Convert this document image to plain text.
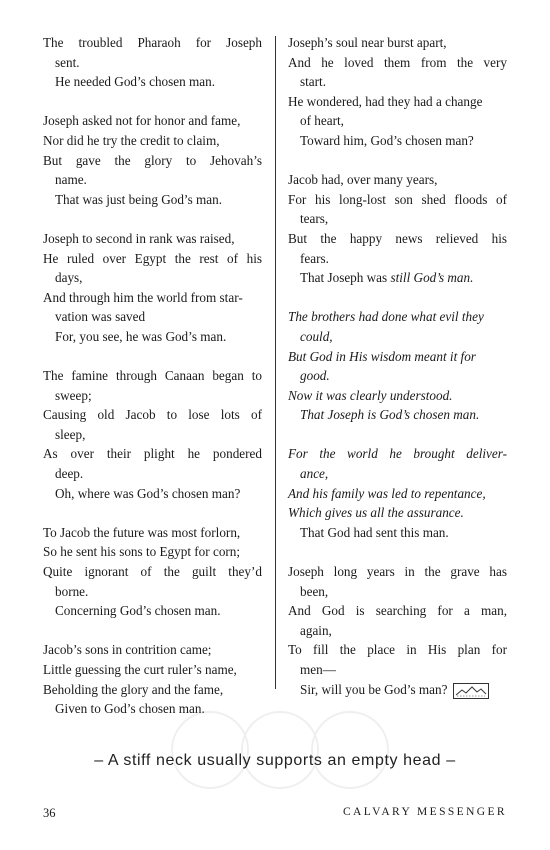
The troubled Pharaoh for Joseph
sent.
He needed God’s chosen man.
Joseph asked not for honor and fame,
Nor did he try the credit to claim,
But gave the glory to Jehovah’s
name.
That was just being God’s man.
Joseph to second in rank was raised,
He ruled over Egypt the rest of his
days,
And through him the world from star-
vation was saved
For, you see, he was God’s man.
The famine through Canaan began to
sweep;
Causing old Jacob to lose lots of
sleep,
As over their plight he pondered
deep.
Oh, where was God’s chosen man?
To Jacob the future was most forlorn,
So he sent his sons to Egypt for corn;
Quite ignorant of the guilt they’d
borne.
Concerning God’s chosen man.
Jacob’s sons in contrition came;
Little guessing the curt ruler’s name,
Beholding the glory and the fame,
Given to God’s chosen man.
Joseph’s soul near burst apart,
And he loved them from the very
start.
He wondered, had they had a change
of heart,
Toward him, God’s chosen man?
Jacob had, over many years,
For his long-lost son shed floods of
tears,
But the happy news relieved his
fears.
That Joseph was still God’s man.
The brothers had done what evil they
could,
But God in His wisdom meant it for
good.
Now it was clearly understood.
That Joseph is God’s chosen man.
For the world he brought deliver-
ance,
And his family was led to repentance,
Which gives us all the assurance.
That God had sent this man.
Joseph long years in the grave has
been,
And God is searching for a man,
again,
To fill the place in His plan for
men—
Sir, will you be God’s man?
– A stiff neck usually supports an empty head –
36	CALVARY MESSENGER
